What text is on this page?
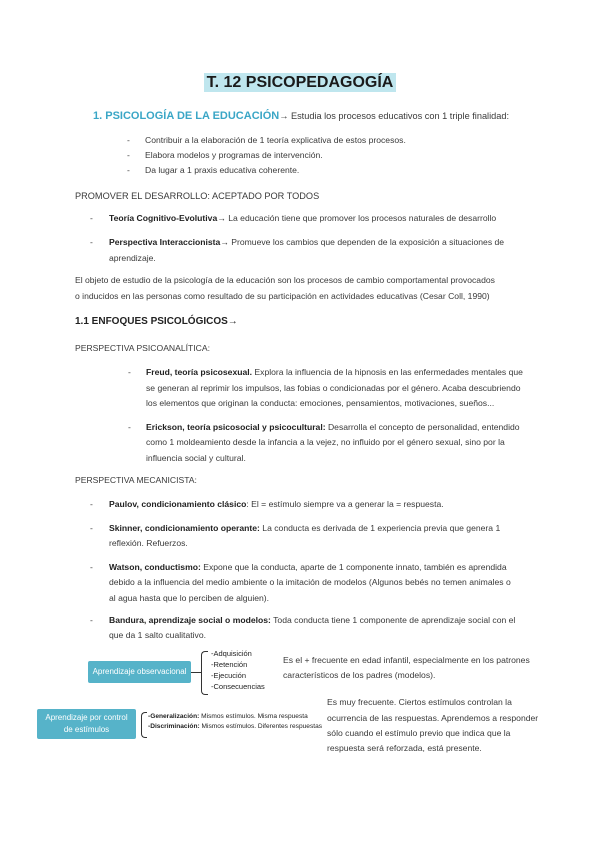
T. 12 PSICOPEDAGOGÍA
1. PSICOLOGÍA DE LA EDUCACIÓN→ Estudia los procesos educativos con 1 triple finalidad:
- Contribuir a la elaboración de 1 teoría explicativa de estos procesos.
- Elabora modelos y programas de intervención.
- Da lugar a 1 praxis educativa coherente.
PROMOVER EL DESARROLLO: ACEPTADO POR TODOS
- Teoría Cognitivo-Evolutiva→ La educación tiene que promover los procesos naturales de desarrollo
- Perspectiva Interaccionista→ Promueve los cambios que dependen de la exposición a situaciones de
aprendizaje.
El objeto de estudio de la psicología de la educación son los procesos de cambio comportamental provocados
o inducidos en las personas como resultado de su participación en actividades educativas (Cesar Coll, 1990)
1.1 ENFOQUES PSICOLÓGICOS→
PERSPECTIVA PSICOANALÍTICA:
- Freud, teoría psicosexual. Explora la influencia de la hipnosis en las enfermedades mentales que
se generan al reprimir los impulsos, las fobias o condicionadas por el género. Acaba descubriendo
los elementos que originan la conducta: emociones, pensamientos, motivaciones, sueños...
- Erickson, teoría psicosocial y psicocultural: Desarrolla el concepto de personalidad, entendido
como 1 moldeamiento desde la infancia a la vejez, no influido por el género sexual, sino por la
influencia social y cultural.
PERSPECTIVA MECANICISTA:
- Paulov, condicionamiento clásico: El = estímulo siempre va a generar la = respuesta.
- Skinner, condicionamiento operante: La conducta es derivada de 1 experiencia previa que genera 1
reflexión. Refuerzos.
- Watson, conductismo: Expone que la conducta, aparte de 1 componente innato, también es aprendida
debido a la influencia del medio ambiente o la imitación de modelos (Algunos bebés no temen animales o
al agua hasta que lo perciben de alguien).
- Bandura, aprendizaje social o modelos: Toda conducta tiene 1 componente de aprendizaje social con el
que da 1 salto cualitativo.
Aprendizaje observacional
-Adquisición
-Retención
-Ejecución
-Consecuencias
Es el + frecuente en edad infantil, especialmente en los patrones
característicos de los padres (modelos).
Aprendizaje por control
de estímulos
-Generalización: Mismos estímulos. Misma respuesta
-Discriminación: Mismos estímulos. Diferentes respuestas
Es muy frecuente. Ciertos estímulos controlan la
ocurrencia de las respuestas. Aprendemos a responder
sólo cuando el estímulo previo que indica que la
respuesta será reforzada, está presente.
